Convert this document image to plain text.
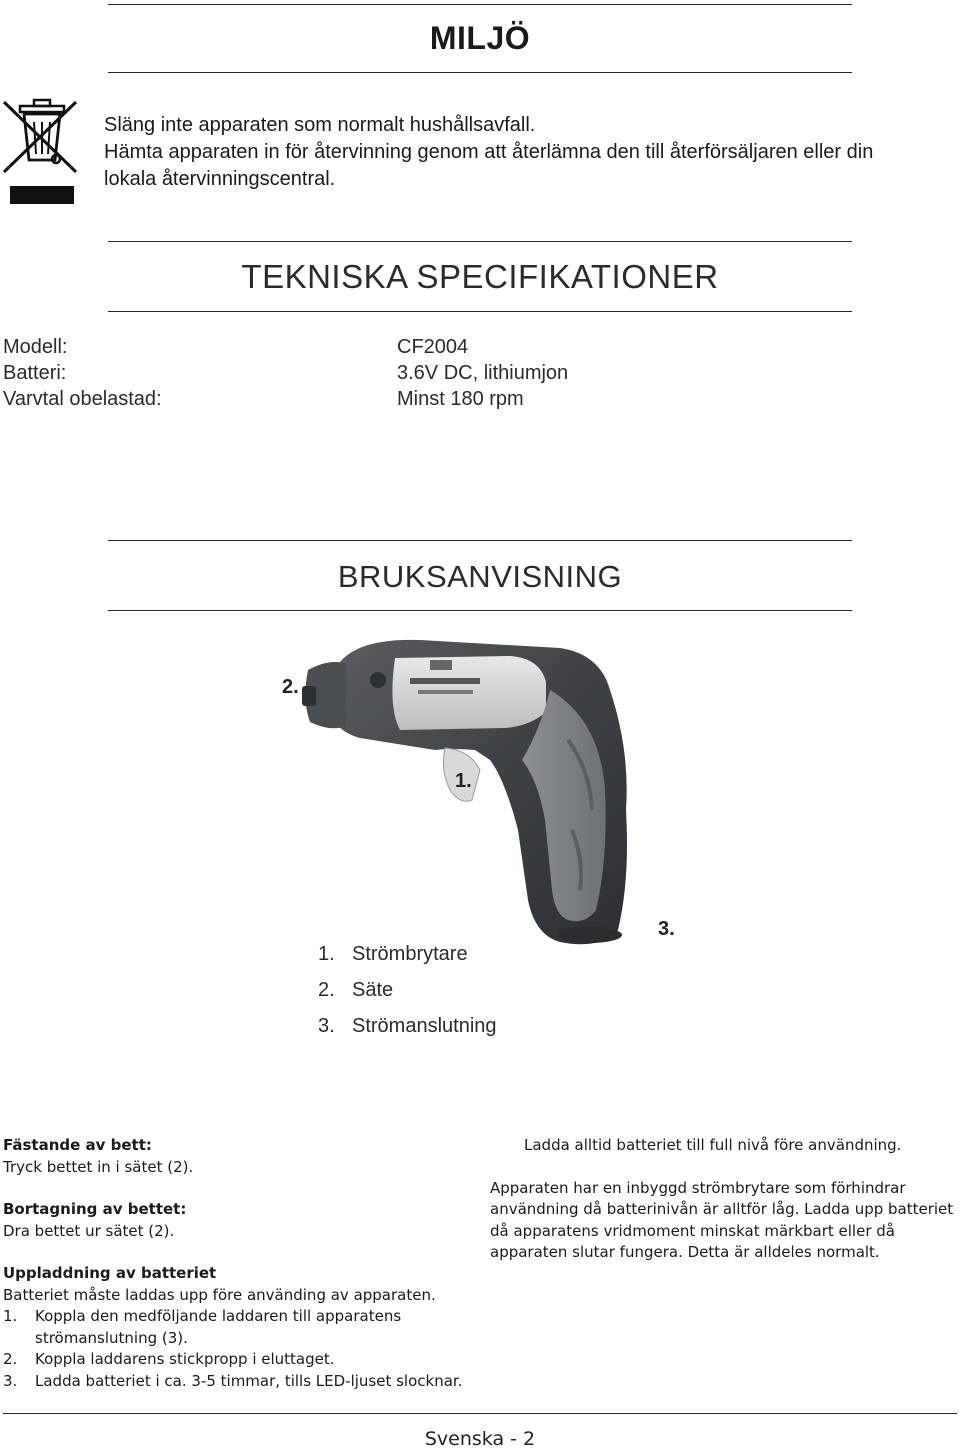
MILJÖ
Släng inte apparaten som normalt hushållsavfall.
Hämta apparaten in för återvinning genom att återlämna den till återförsäljaren eller din
lokala återvinningscentral.
TEKNISKA SPECIFIKATIONER
Modell:	CF2004
Batteri:	3.6V DC, lithiumjon
Varvtal obelastad:	Minst 180 rpm
BRUKSANVISNING
2.
1.
3.
1. Strömbrytare
2. Säte
3. Strömanslutning
Fästande av bett:
Tryck bettet in i sätet (2).
Bortagning av bettet:
Dra bettet ur sätet (2).
Uppladdning av batteriet
Batteriet måste laddas upp före använding av apparaten.
1.	Koppla den medföljande laddaren till apparatens
strömanslutning (3).
2.	Koppla laddarens stickpropp i eluttaget.
3.	Ladda batteriet i ca. 3-5 timmar, tills LED-ljuset slocknar.
Ladda alltid batteriet till full nivå före användning.
Apparaten har en inbyggd strömbrytare som förhindrar
användning då batterinivån är alltför låg. Ladda upp batteriet
då apparatens vridmoment minskat märkbart eller då
apparaten slutar fungera. Detta är alldeles normalt.
Svenska - 2
